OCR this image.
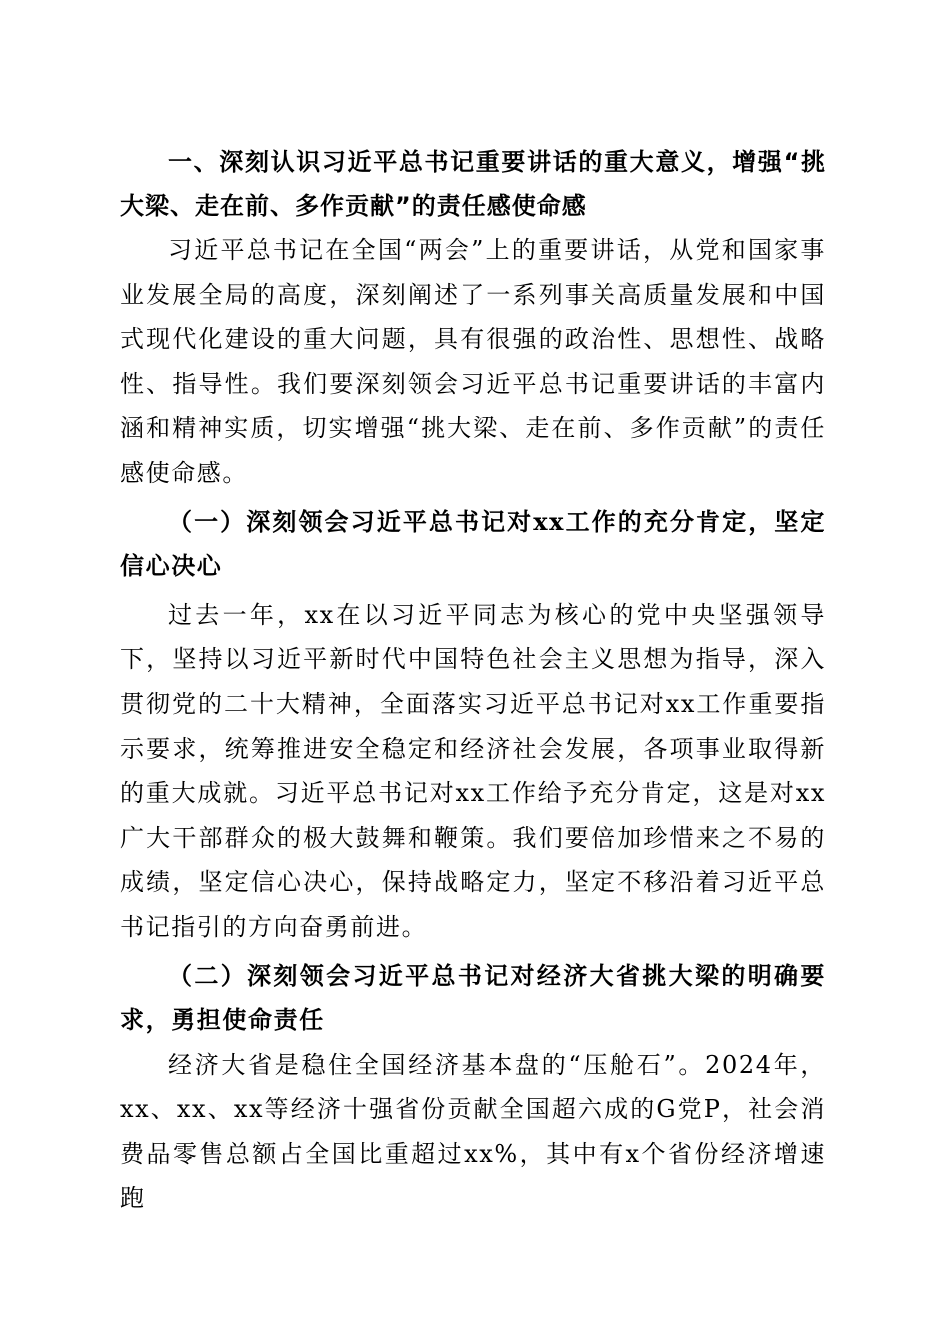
一、深刻认识习近平总书记重要讲话的重大意义，增强“挑大梁、走在前、多作贡献”的责任感使命感

习近平总书记在全国“两会”上的重要讲话，从党和国家事业发展全局的高度，深刻阐述了一系列事关高质量发展和中国式现代化建设的重大问题，具有很强的政治性、思想性、战略性、指导性。我们要深刻领会习近平总书记重要讲话的丰富内涵和精神实质，切实增强“挑大梁、走在前、多作贡献”的责任感使命感。

（一）深刻领会习近平总书记对xx工作的充分肯定，坚定信心决心

过去一年，xx在以习近平同志为核心的党中央坚强领导下，坚持以习近平新时代中国特色社会主义思想为指导，深入贯彻党的二十大精神，全面落实习近平总书记对xx工作重要指示要求，统筹推进安全稳定和经济社会发展，各项事业取得新的重大成就。习近平总书记对xx工作给予充分肯定，这是对xx广大干部群众的极大鼓舞和鞭策。我们要倍加珍惜来之不易的成绩，坚定信心决心，保持战略定力，坚定不移沿着习近平总书记指引的方向奋勇前进。

（二）深刻领会习近平总书记对经济大省挑大梁的明确要求，勇担使命责任

经济大省是稳住全国经济基本盘的“压舱石”。2024年，xx、xx、xx等经济十强省份贡献全国超六成的G党P，社会消费品零售总额占全国比重超过xx%，其中有x个省份经济增速跑
